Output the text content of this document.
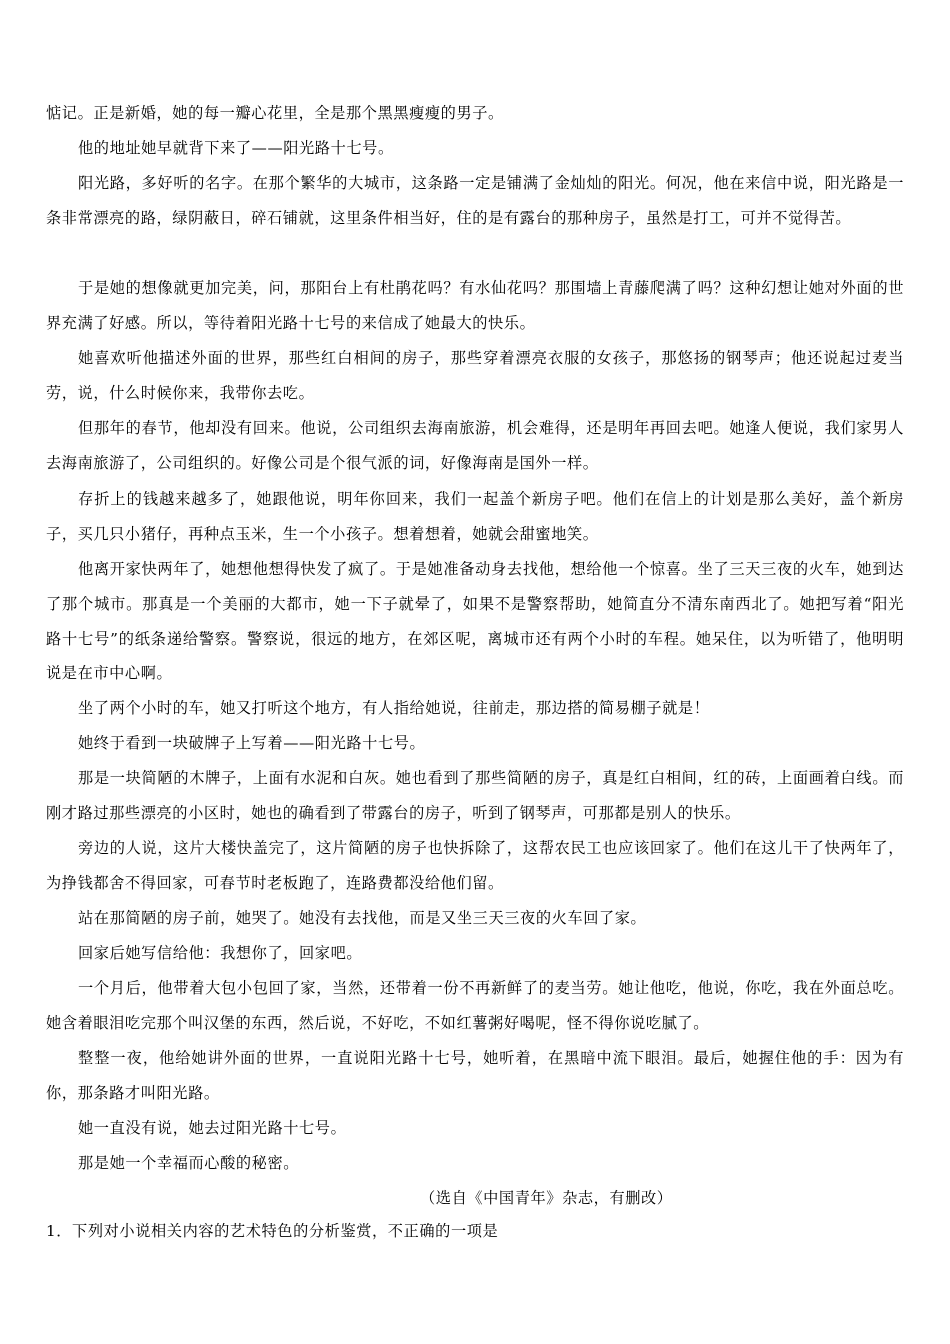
惦记。正是新婚，她的每一瓣心花里，全是那个黑黑瘦瘦的男子。

他的地址她早就背下来了——阳光路十七号。

阳光路，多好听的名字。在那个繁华的大城市，这条路一定是铺满了金灿灿的阳光。何况，他在来信中说，阳光路是一条非常漂亮的路，绿阴蔽日，碎石铺就，这里条件相当好，住的是有露台的那种房子，虽然是打工，可并不觉得苦。

于是她的想像就更加完美，问，那阳台上有杜鹃花吗？有水仙花吗？那围墙上青藤爬满了吗？这种幻想让她对外面的世界充满了好感。所以，等待着阳光路十七号的来信成了她最大的快乐。

她喜欢听他描述外面的世界，那些红白相间的房子，那些穿着漂亮衣服的女孩子，那悠扬的钢琴声；他还说起过麦当劳，说，什么时候你来，我带你去吃。

但那年的春节，他却没有回来。他说，公司组织去海南旅游，机会难得，还是明年再回去吧。她逢人便说，我们家男人去海南旅游了，公司组织的。好像公司是个很气派的词，好像海南是国外一样。

存折上的钱越来越多了，她跟他说，明年你回来，我们一起盖个新房子吧。他们在信上的计划是那么美好，盖个新房子，买几只小猪仔，再种点玉米，生一个小孩子。想着想着，她就会甜蜜地笑。

他离开家快两年了，她想他想得快发了疯了。于是她准备动身去找他，想给他一个惊喜。坐了三天三夜的火车，她到达了那个城市。那真是一个美丽的大都市，她一下子就晕了，如果不是警察帮助，她简直分不清东南西北了。她把写着“阳光路十七号”的纸条递给警察。警察说，很远的地方，在郊区呢，离城市还有两个小时的车程。她呆住，以为听错了，他明明说是在市中心啊。

坐了两个小时的车，她又打听这个地方，有人指给她说，往前走，那边搭的简易棚子就是！

她终于看到一块破牌子上写着——阳光路十七号。

那是一块简陋的木牌子，上面有水泥和白灰。她也看到了那些简陋的房子，真是红白相间，红的砖，上面画着白线。而刚才路过那些漂亮的小区时，她也的确看到了带露台的房子，听到了钢琴声，可那都是别人的快乐。

旁边的人说，这片大楼快盖完了，这片简陋的房子也快拆除了，这帮农民工也应该回家了。他们在这儿干了快两年了，为挣钱都舍不得回家，可春节时老板跑了，连路费都没给他们留。

站在那简陋的房子前，她哭了。她没有去找他，而是又坐三天三夜的火车回了家。

回家后她写信给他：我想你了，回家吧。

一个月后，他带着大包小包回了家，当然，还带着一份不再新鲜了的麦当劳。她让他吃，他说，你吃，我在外面总吃。她含着眼泪吃完那个叫汉堡的东西，然后说，不好吃，不如红薯粥好喝呢，怪不得你说吃腻了。

整整一夜，他给她讲外面的世界，一直说阳光路十七号，她听着，在黑暗中流下眼泪。最后，她握住他的手：因为有你，那条路才叫阳光路。

她一直没有说，她去过阳光路十七号。

那是她一个幸福而心酸的秘密。

（选自《中国青年》杂志，有删改）

1．下列对小说相关内容的艺术特色的分析鉴赏，不正确的一项是
